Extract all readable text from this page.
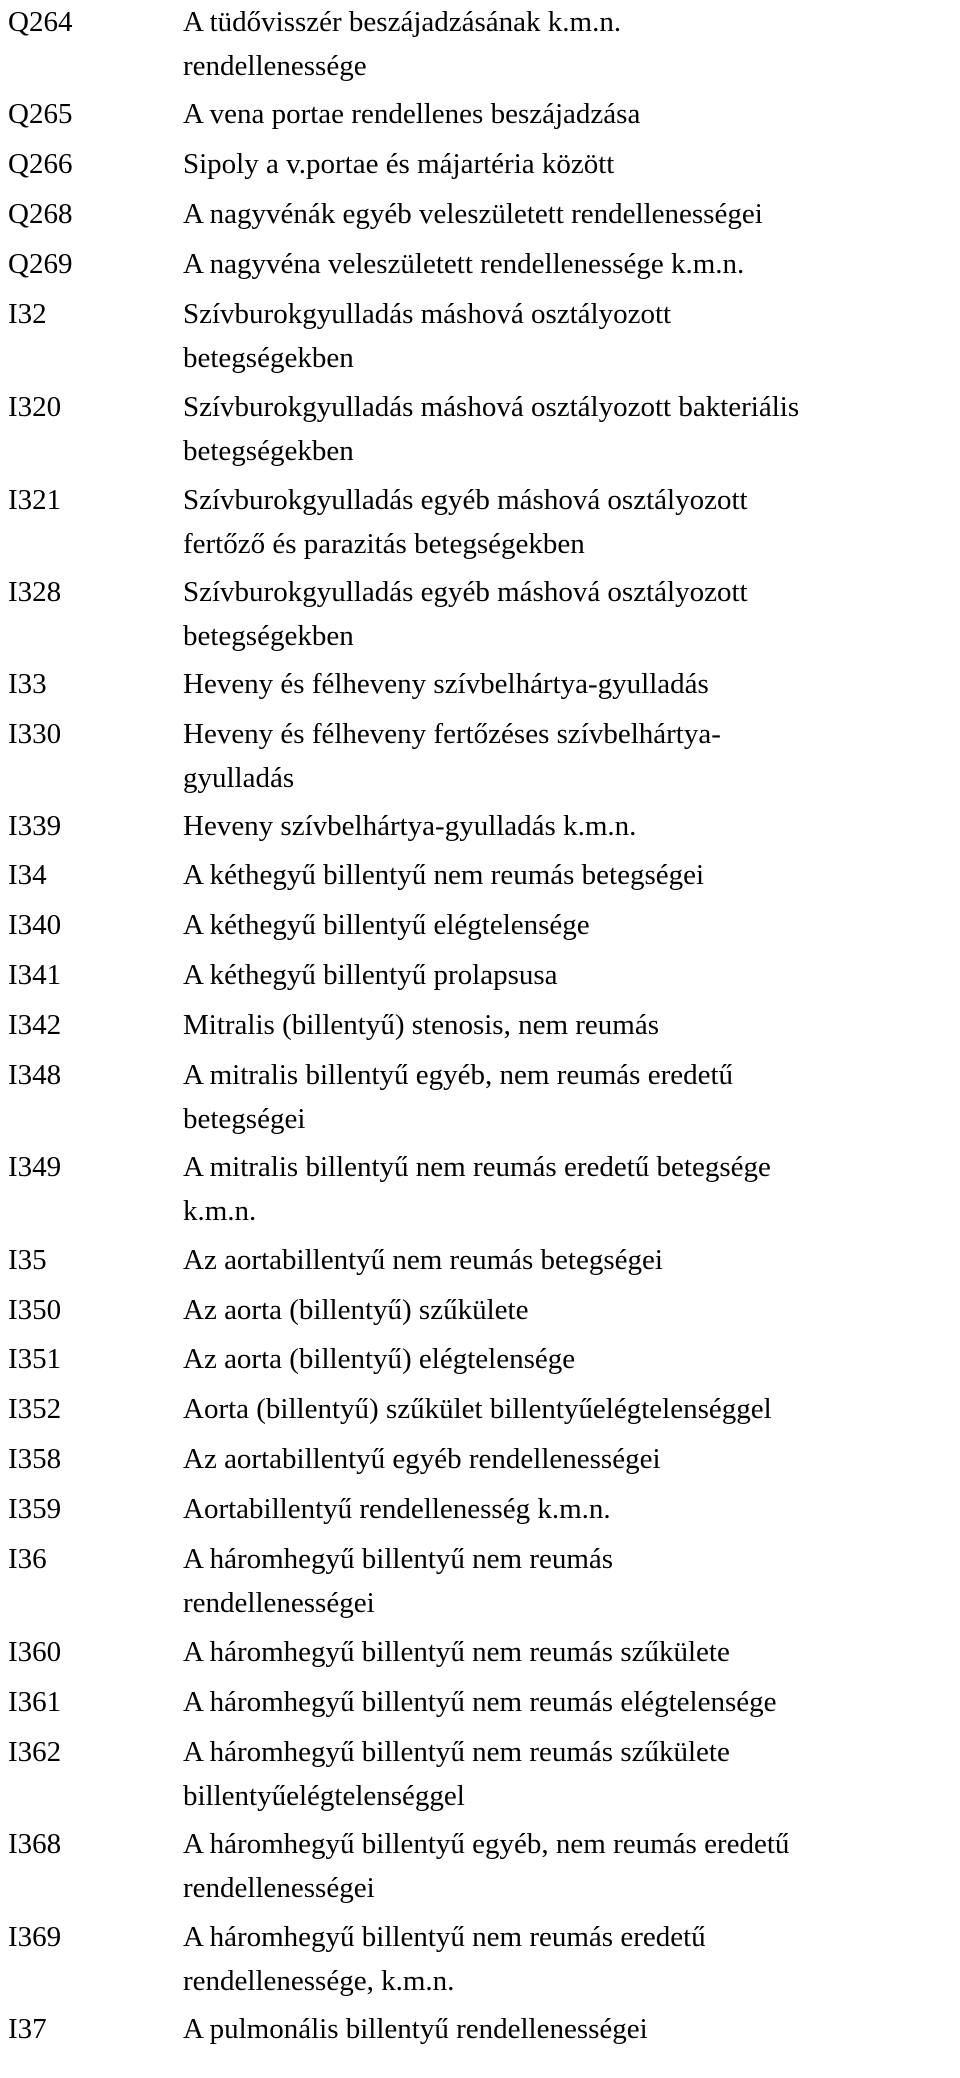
Q264	A tüdővisszér beszájadzásának k.m.n.
rendellenessége
Q265	A vena portae rendellenes beszájadzása
Q266	Sipoly a v.portae és májartéria között
Q268	A nagyvénák egyéb veleszületett rendellenességei
Q269	A nagyvéna veleszületett rendellenessége k.m.n.
I32	Szívburokgyulladás máshová osztályozott
betegségekben
I320	Szívburokgyulladás máshová osztályozott bakteriális
betegségekben
I321	Szívburokgyulladás egyéb máshová osztályozott
fertőző és parazitás betegségekben
I328	Szívburokgyulladás egyéb máshová osztályozott
betegségekben
I33	Heveny és félheveny szívbelhártya-gyulladás
I330	Heveny és félheveny fertőzéses szívbelhártya-
gyulladás
I339	Heveny szívbelhártya-gyulladás k.m.n.
I34	A kéthegyű billentyű nem reumás betegségei
I340	A kéthegyű billentyű elégtelensége
I341	A kéthegyű billentyű prolapsusa
I342	Mitralis (billentyű) stenosis, nem reumás
I348	A mitralis billentyű egyéb, nem reumás eredetű
betegségei
I349	A mitralis billentyű nem reumás eredetű betegsége
k.m.n.
I35	Az aortabillentyű nem reumás betegségei
I350	Az aorta (billentyű) szűkülete
I351	Az aorta (billentyű) elégtelensége
I352	Aorta (billentyű) szűkület billentyűelégtelenséggel
I358	Az aortabillentyű egyéb rendellenességei
I359	Aortabillentyű rendellenesség k.m.n.
I36	A háromhegyű billentyű nem reumás
rendellenességei
I360	A háromhegyű billentyű nem reumás szűkülete
I361	A háromhegyű billentyű nem reumás elégtelensége
I362	A háromhegyű billentyű nem reumás szűkülete
billentyűelégtelenséggel
I368	A háromhegyű billentyű egyéb, nem reumás eredetű
rendellenességei
I369	A háromhegyű billentyű nem reumás eredetű
rendellenessége, k.m.n.
I37	A pulmonális billentyű rendellenességei
